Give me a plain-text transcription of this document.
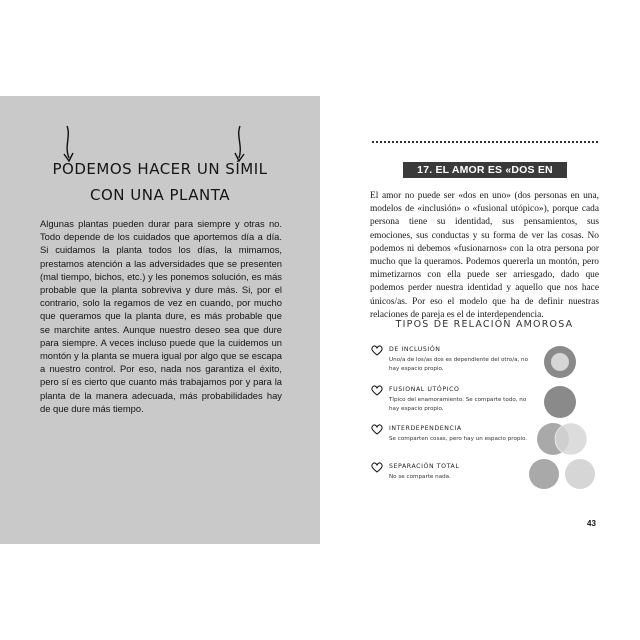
PODEMOS HACER UN SÍMIL
CON UNA PLANTA
Algunas plantas pueden durar para siempre y otras no. Todo depende de los cuidados que aportemos día a día. Si cuidamos la planta todos los días, la mimamos, prestamos atención a las adversidades que se presenten (mal tiempo, bichos, etc.) y les ponemos solución, es más probable que la planta sobreviva y dure más. Si, por el contrario, solo la regamos de vez en cuando, por mucho que queramos que la planta dure, es más probable que se marchite antes. Aunque nuestro deseo sea que dure para siempre. A veces incluso puede que la cuidemos un montón y la planta se muera igual por algo que se escapa a nuestro control. Por eso, nada nos garantiza el éxito, pero sí es cierto que cuanto más trabajamos por y para la planta de la manera adecuada, más probabilidades hay de que dure más tiempo.
17. EL AMOR ES «DOS EN UNO»
El amor no puede ser «dos en uno» (dos personas en una, modelos de «inclusión» o «fusional utópico»), porque cada persona tiene su identidad, sus pensamientos, sus emociones, sus conductas y su forma de ver las cosas. No podemos ni debemos «fusionarnos» con la otra persona por mucho que la queramos. Podemos quererla un montón, pero mimetizarnos con ella puede ser arriesgado, dado que podemos perder nuestra identidad y aquello que nos hace únicos/as. Por eso el modelo que ha de definir nuestras relaciones de pareja es el de interdependencia.
TIPOS DE RELACIÓN AMOROSA
DE INCLUSIÓN
Uno/a de los/as dos es dependiente del otro/a, no hay espacio propio.
FUSIONAL UTÓPICO
Típico del enamoramiento. Se comparte todo, no hay espacio propio.
INTERDEPENDENCIA
Se comparten cosas, pero hay un espacio propio.
SEPARACIÓN TOTAL
No se comparte nada.
43
